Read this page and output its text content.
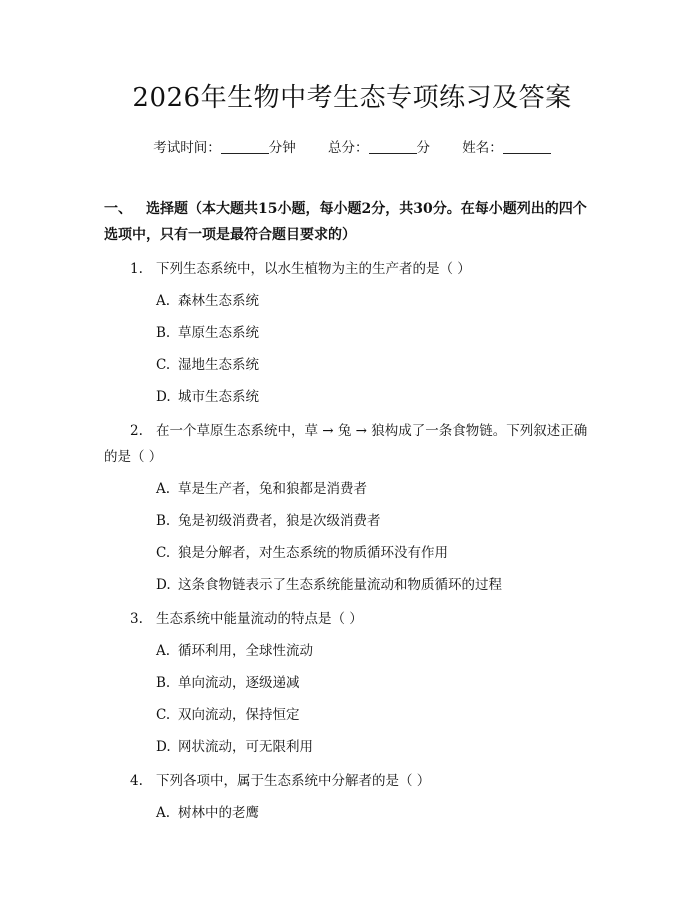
2026年生物中考生态专项练习及答案
考试时间：	分钟 总分：	分 姓名：
一、 选择题（本大题共15小题，每小题2分，共30分。在每小题列出的四个选项中，只有一项是最符合题目要求的）
1. 下列生态系统中，以水生植物为主的生产者的是（ ）
A. 森林生态系统
B. 草原生态系统
C. 湿地生态系统
D. 城市生态系统
2. 在一个草原生态系统中，草 → 兔 → 狼构成了一条食物链。下列叙述正确的是（ ）
A. 草是生产者，兔和狼都是消费者
B. 兔是初级消费者，狼是次级消费者
C. 狼是分解者，对生态系统的物质循环没有作用
D. 这条食物链表示了生态系统能量流动和物质循环的过程
3. 生态系统中能量流动的特点是（ ）
A. 循环利用，全球性流动
B. 单向流动，逐级递减
C. 双向流动，保持恒定
D. 网状流动，可无限利用
4. 下列各项中，属于生态系统中分解者的是（ ）
A. 树林中的老鹰
